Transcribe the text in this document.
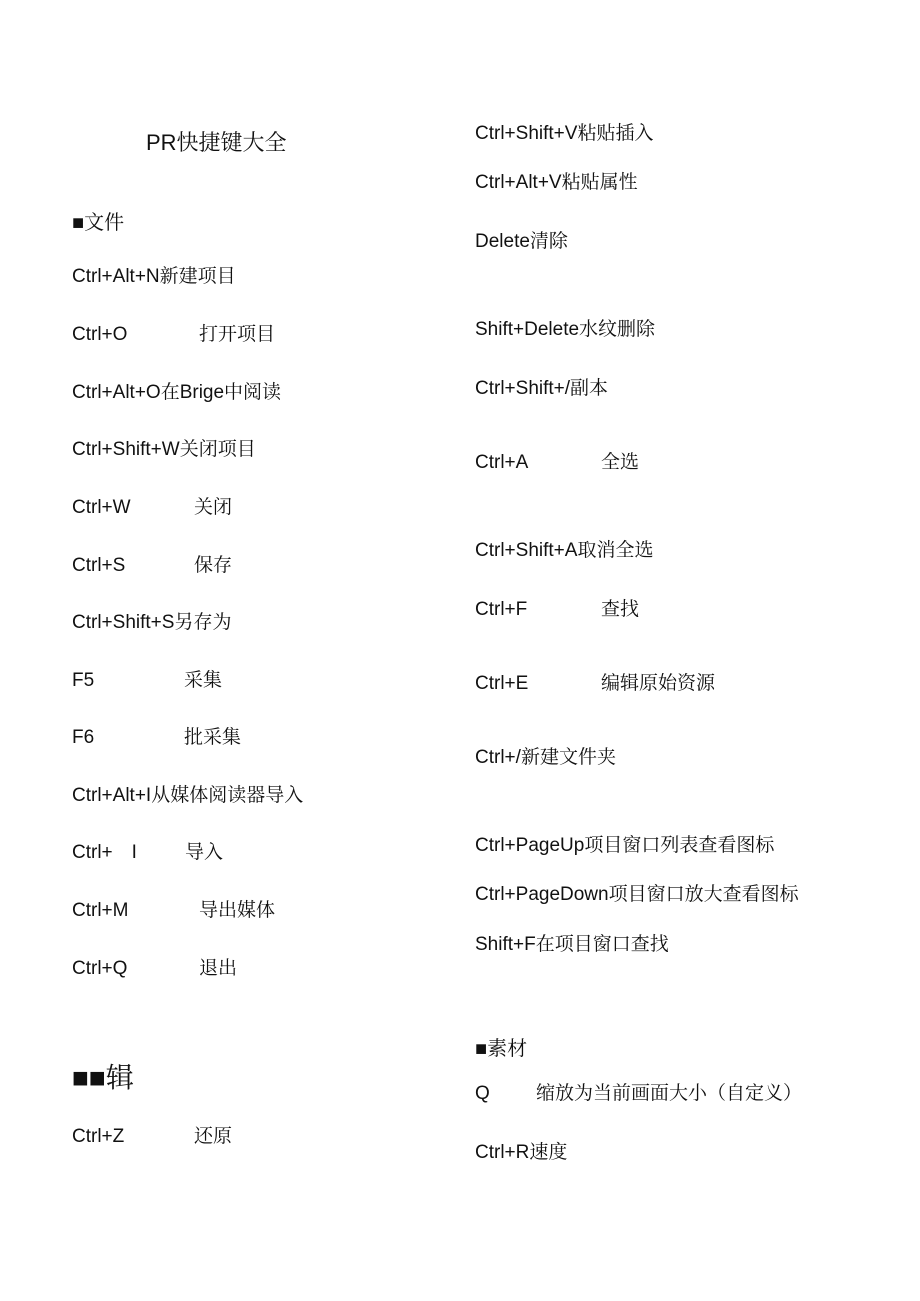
PR快捷键大全
■文件
Ctrl+Alt+N新建项目
Ctrl+O	打开项目
Ctrl+Alt+O在Brige中阅读
Ctrl+Shift+W关闭项目
Ctrl+W	关闭
Ctrl+S	保存
Ctrl+Shift+S另存为
F5	采集
F6	批采集
Ctrl+Alt+I从媒体阅读器导入
Ctrl+　I	导入
Ctrl+M	导出媒体
Ctrl+Q	退出
■■辑
Ctrl+Z	还原
Ctrl+Shift+V粘贴插入
Ctrl+Alt+V粘贴属性
Delete清除
Shift+Delete水纹删除
Ctrl+Shift+/副本
Ctrl+A	全选
Ctrl+Shift+A取消全选
Ctrl+F	查找
Ctrl+E	编辑原始资源
Ctrl+/新建文件夹
Ctrl+PageUp项目窗口列表查看图标
Ctrl+PageDown项目窗口放大查看图标
Shift+F在项目窗口查找
■素材
Q 缩放为当前画面大小（自定义）
Ctrl+R速度
